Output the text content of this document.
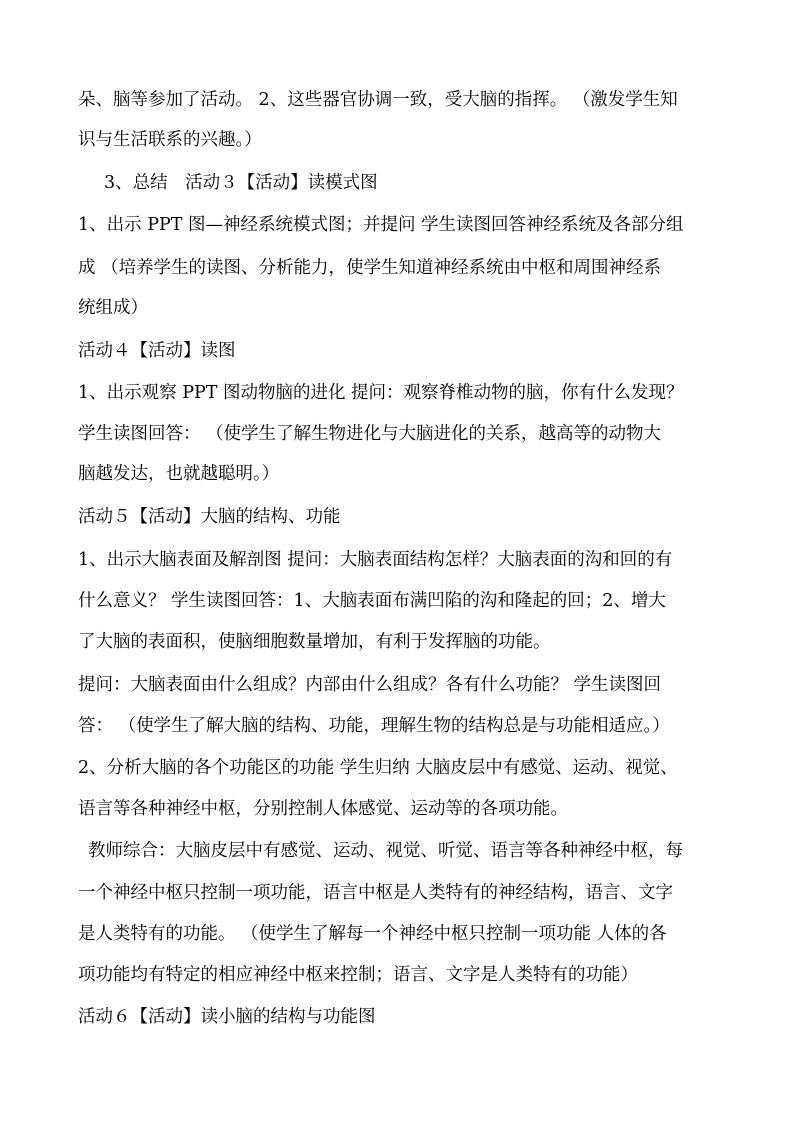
朵、脑等参加了活动。 2、这些器官协调一致，受大脑的指挥。 （激发学生知
识与生活联系的兴趣。）
3、总结　活动３【活动】读模式图
1、出示 PPT 图—神经系统模式图；并提问 学生读图回答神经系统及各部分组
成 （培养学生的读图、分析能力，使学生知道神经系统由中枢和周围神经系
统组成）
活动４【活动】读图
1、出示观察 PPT 图动物脑的进化 提问：观察脊椎动物的脑，你有什么发现？
学生读图回答： （使学生了解生物进化与大脑进化的关系，越高等的动物大
脑越发达，也就越聪明。）
活动５【活动】大脑的结构、功能
1、出示大脑表面及解剖图 提问：大脑表面结构怎样？大脑表面的沟和回的有
什么意义？ 学生读图回答：1、大脑表面布满凹陷的沟和隆起的回；2、增大
了大脑的表面积，使脑细胞数量增加，有利于发挥脑的功能。
提问：大脑表面由什么组成？内部由什么组成？各有什么功能？ 学生读图回
答： （使学生了解大脑的结构、功能，理解生物的结构总是与功能相适应。）
2、分析大脑的各个功能区的功能 学生归纳 大脑皮层中有感觉、运动、视觉、
语言等各种神经中枢，分别控制人体感觉、运动等的各项功能。
教师综合：大脑皮层中有感觉、运动、视觉、听觉、语言等各种神经中枢，每
一个神经中枢只控制一项功能，语言中枢是人类特有的神经结构，语言、文字
是人类特有的功能。 （使学生了解每一个神经中枢只控制一项功能 人体的各
项功能均有特定的相应神经中枢来控制；语言、文字是人类特有的功能）
活动６【活动】读小脑的结构与功能图
